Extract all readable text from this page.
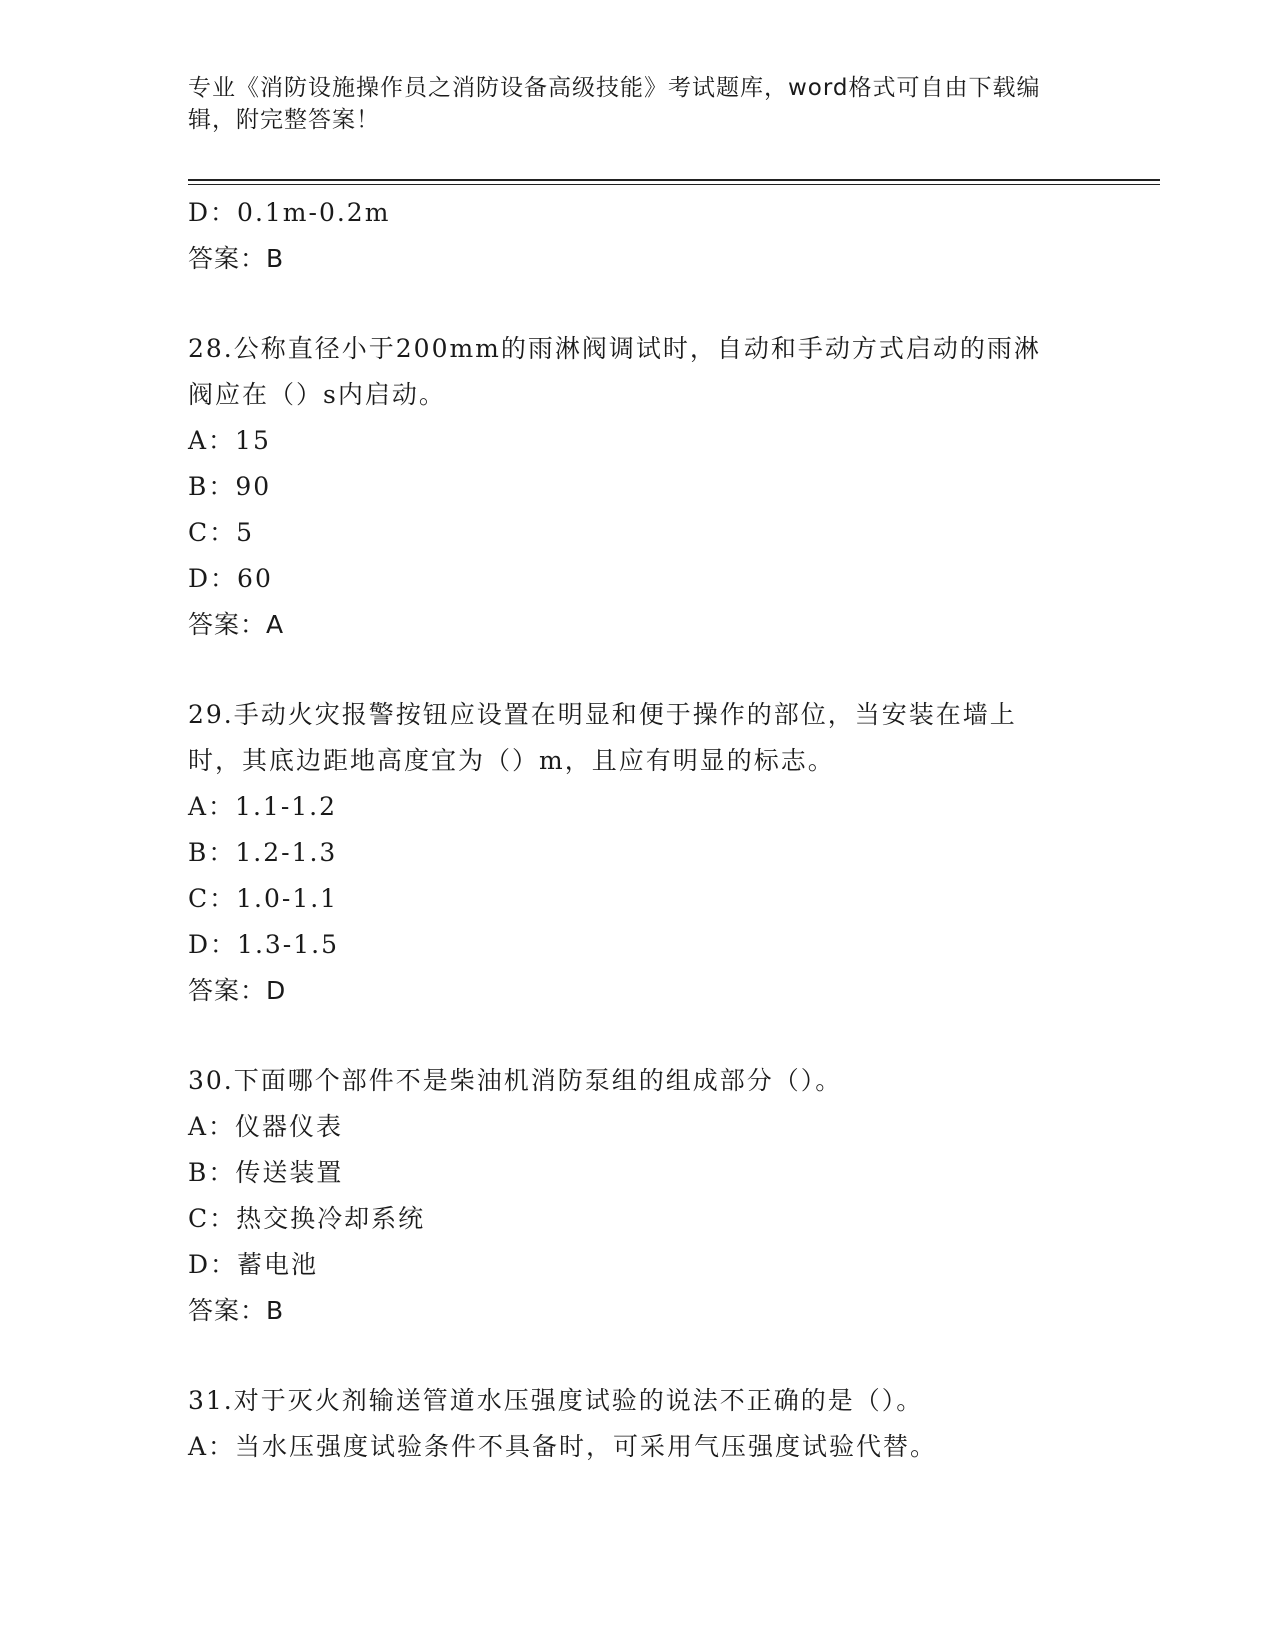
专业《消防设施操作员之消防设备高级技能》考试题库，word格式可自由下载编
辑，附完整答案！
D：0.1m-0.2m
答案：B
28.公称直径小于200mm的雨淋阀调试时，自动和手动方式启动的雨淋
阀应在（）s内启动。
A：15
B：90
C：5
D：60
答案：A
29.手动火灾报警按钮应设置在明显和便于操作的部位，当安装在墙上
时，其底边距地高度宜为（）m，且应有明显的标志。
A：1.1-1.2
B：1.2-1.3
C：1.0-1.1
D：1.3-1.5
答案：D
30.下面哪个部件不是柴油机消防泵组的组成部分（）。
A：仪器仪表
B：传送装置
C：热交换冷却系统
D：蓄电池
答案：B
31.对于灭火剂输送管道水压强度试验的说法不正确的是（）。
A：当水压强度试验条件不具备时，可采用气压强度试验代替。
